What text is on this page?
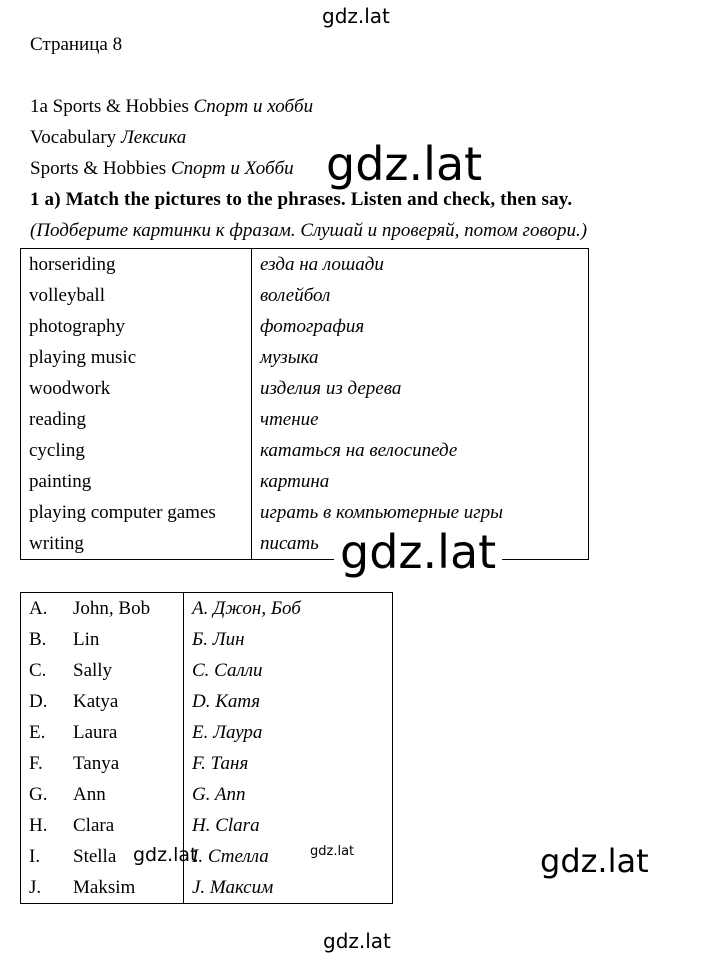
gdz.lat
Страница 8
1a Sports & Hobbies Спорт и хобби
Vocabulary Лексика
Sports & Hobbies Спорт и Хобби gdz.lat
1 a) Match the pictures to the phrases. Listen and check, then say.
(Подберите картинки к фразам. Слушай и проверяй, потом говори.)
horseriding	езда на лошади
volleyball	волейбол
photography	фотография
playing music	музыка
woodwork	изделия из дерева
reading	чтение
cycling	кататься на велосипеде
painting	картина
playing computer games	играть в компьютерные игры
writing	писать gdz.lat
A.	John, Bob	A. Джон, Боб
B.	Lin	Б. Лин
C.	Sally	C. Салли
D.	Katya	D. Катя
E.	Laura	E. Лаура
F.	Tanya	F. Таня
G.	Ann	G. Ann
H.	Clara	H. Clara
I.	Stella	I. Стелла
J.	Maksim	J. Максим
gdz.lat	gdz.lat	gdz.lat
gdz.lat
